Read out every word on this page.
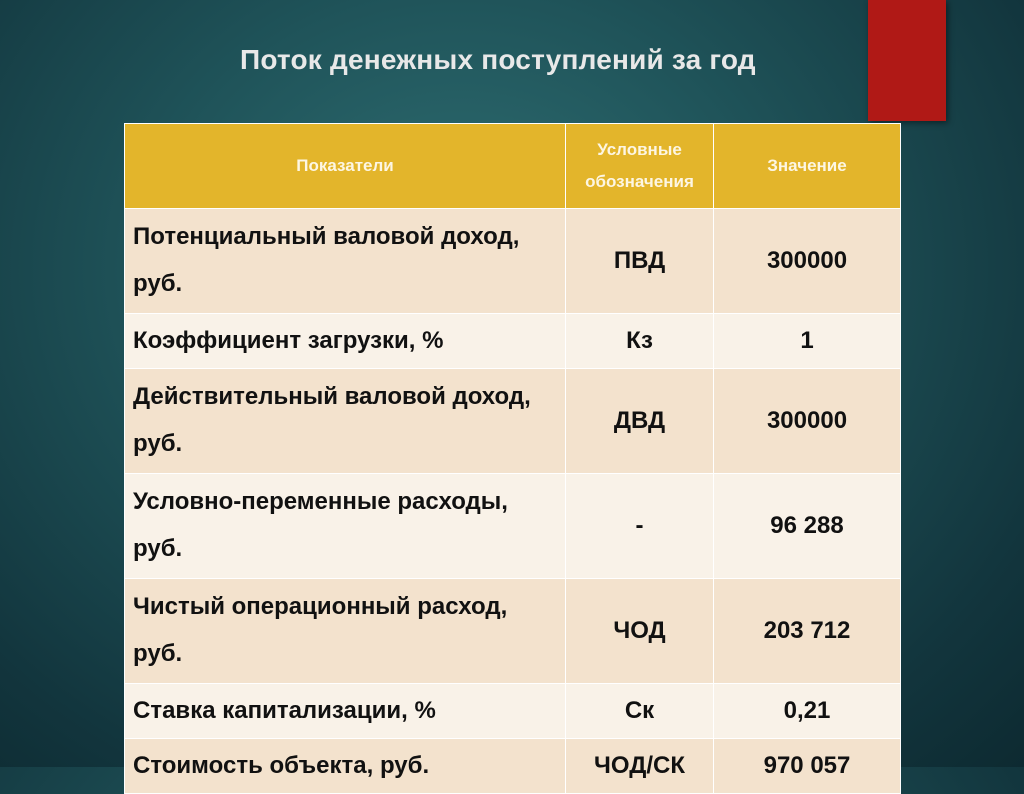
Поток денежных поступлений за год
Показатели	Условные обозначения	Значение
Потенциальный валовой доход, руб.	ПВД	300000
Коэффициент загрузки, %	Кз	1
Действительный валовой доход, руб.	ДВД	300000
Условно-переменные расходы, руб.	-	96 288
Чистый операционный расход, руб.	ЧОД	203 712
Ставка капитализации, %	Ск	0,21
Стоимость объекта, руб.	ЧОД/СК	970 057
